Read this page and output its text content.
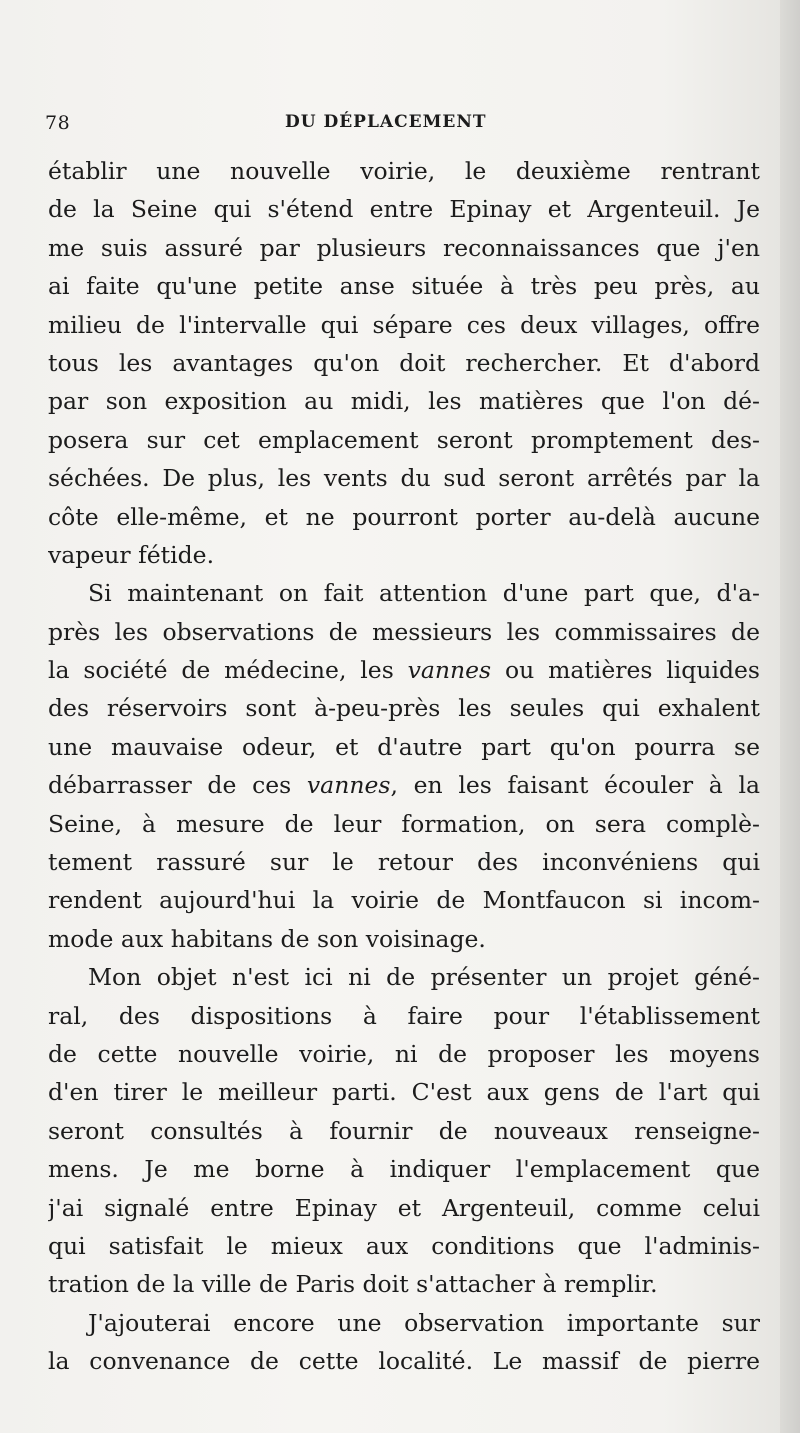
78	DU DÉPLACEMENT
établir une nouvelle voirie, le deuxième rentrant
de la Seine qui s'étend entre Epinay et Argenteuil. Je
me suis assuré par plusieurs reconnaissances que j'en
ai faite qu'une petite anse située à très peu près, au
milieu de l'intervalle qui sépare ces deux villages, offre
tous les avantages qu'on doit rechercher. Et d'abord
par son exposition au midi, les matières que l'on dé-
posera sur cet emplacement seront promptement des-
séchées. De plus, les vents du sud seront arrêtés par la
côte elle-même, et ne pourront porter au-delà aucune
vapeur fétide.
Si maintenant on fait attention d'une part que, d'a-
près les observations de messieurs les commissaires de
la société de médecine, les vannes ou matières liquides
des réservoirs sont à-peu-près les seules qui exhalent
une mauvaise odeur, et d'autre part qu'on pourra se
débarrasser de ces vannes, en les faisant écouler à la
Seine, à mesure de leur formation, on sera complè-
tement rassuré sur le retour des inconvéniens qui
rendent aujourd'hui la voirie de Montfaucon si incom-
mode aux habitans de son voisinage.
Mon objet n'est ici ni de présenter un projet géné-
ral, des dispositions à faire pour l'établissement
de cette nouvelle voirie, ni de proposer les moyens
d'en tirer le meilleur parti. C'est aux gens de l'art qui
seront consultés à fournir de nouveaux renseigne-
mens. Je me borne à indiquer l'emplacement que
j'ai signalé entre Epinay et Argenteuil, comme celui
qui satisfait le mieux aux conditions que l'adminis-
tration de la ville de Paris doit s'attacher à remplir.
J'ajouterai encore une observation importante sur
la convenance de cette localité. Le massif de pierre
